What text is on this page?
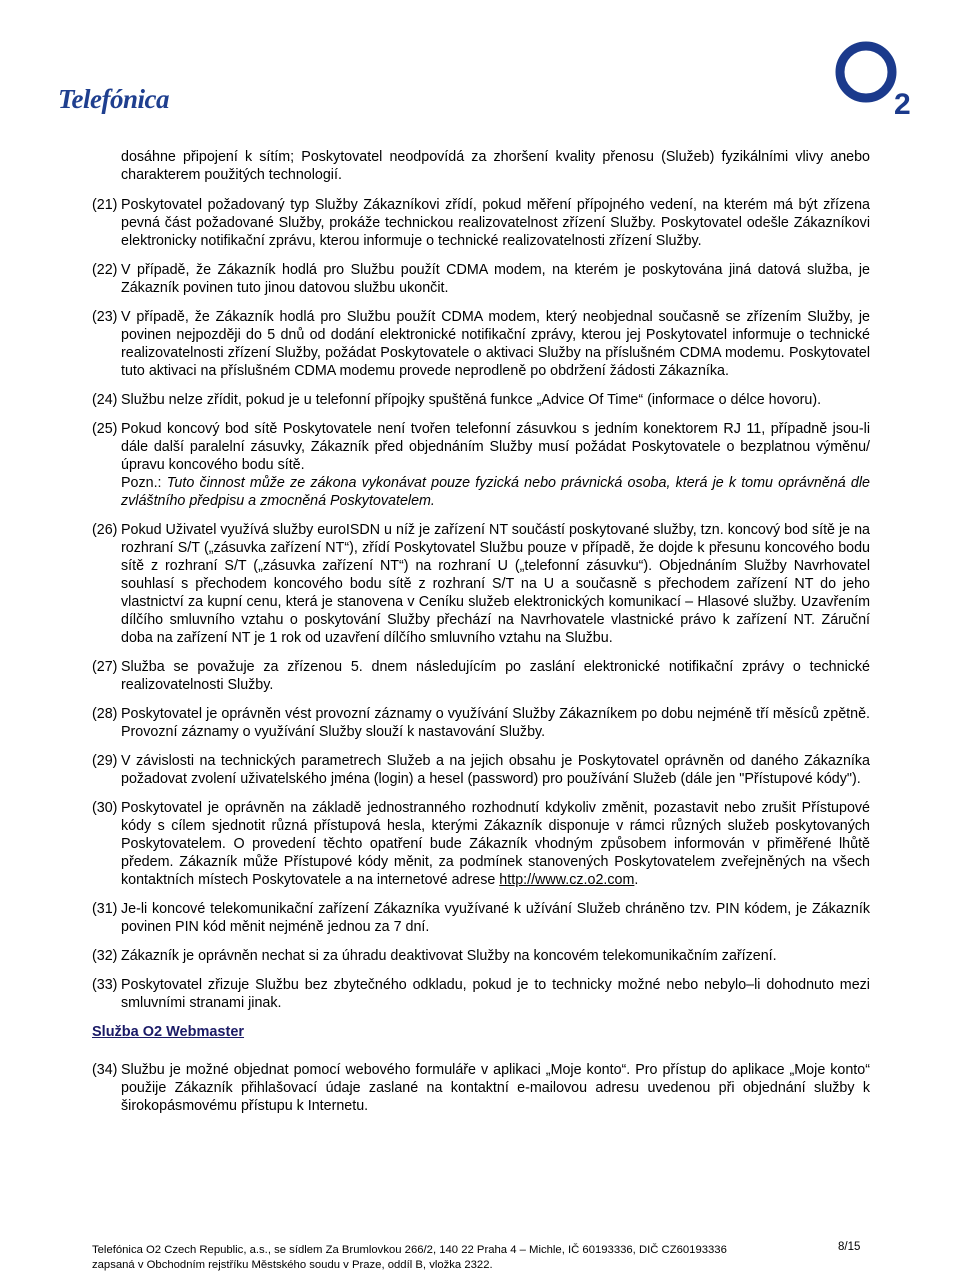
Telefónica	2
dosáhne připojení k sítím; Poskytovatel neodpovídá za zhoršení kvality přenosu (Služeb) fyzikálními vlivy anebo charakterem použitých technologií.
(21) Poskytovatel požadovaný typ Služby Zákazníkovi zřídí, pokud měření přípojného vedení, na kterém má být zřízena pevná část požadované Služby, prokáže technickou realizovatelnost zřízení Služby. Poskytovatel odešle Zákazníkovi elektronicky notifikační zprávu, kterou informuje o technické realizovatelnosti zřízení Služby.
(22) V případě, že Zákazník hodlá pro Službu použít CDMA modem, na kterém je poskytována jiná datová služba, je Zákazník povinen tuto jinou datovou službu ukončit.
(23) V případě, že Zákazník hodlá pro Službu použít CDMA modem, který neobjednal současně se zřízením Služby, je povinen nejpozději do 5 dnů od dodání elektronické notifikační zprávy, kterou jej Poskytovatel informuje o technické realizovatelnosti zřízení Služby, požádat Poskytovatele o aktivaci Služby na příslušném CDMA modemu. Poskytovatel tuto aktivaci na příslušném CDMA modemu provede neprodleně po obdržení žádosti Zákazníka.
(24) Službu nelze zřídit, pokud je u telefonní přípojky spuštěná funkce „Advice Of Time“ (informace o délce hovoru).
(25) Pokud koncový bod sítě Poskytovatele není tvořen telefonní zásuvkou s jedním konektorem RJ 11, případně jsou-li dále další paralelní zásuvky, Zákazník před objednáním Služby musí požádat Poskytovatele o bezplatnou výměnu/úpravu koncového bodu sítě.
Pozn.: Tuto činnost může ze zákona vykonávat pouze fyzická nebo právnická osoba, která je k tomu oprávněná dle zvláštního předpisu a zmocněná Poskytovatelem.
(26) Pokud Uživatel využívá služby euroISDN u níž je zařízení NT součástí poskytované služby, tzn. koncový bod sítě je na rozhraní S/T („zásuvka zařízení NT“), zřídí Poskytovatel Službu pouze v případě, že dojde k přesunu koncového bodu sítě z rozhraní S/T („zásuvka zařízení NT“) na rozhraní U („telefonní zásuvku“). Objednáním Služby Navrhovatel souhlasí s přechodem koncového bodu sítě z rozhraní S/T na U a současně s přechodem zařízení NT do jeho vlastnictví za kupní cenu, která je stanovena v Ceníku služeb elektronických komunikací – Hlasové služby. Uzavřením dílčího smluvního vztahu o poskytování Služby přechází na Navrhovatele vlastnické právo k zařízení NT. Záruční doba na zařízení NT je 1 rok od uzavření dílčího smluvního vztahu na Službu.
(27) Služba se považuje za zřízenou 5. dnem následujícím po zaslání elektronické notifikační zprávy o technické realizovatelnosti Služby.
(28) Poskytovatel je oprávněn vést provozní záznamy o využívání Služby Zákazníkem po dobu nejméně tří měsíců zpětně. Provozní záznamy o využívání Služby slouží k nastavování Služby.
(29) V závislosti na technických parametrech Služeb a na jejich obsahu je Poskytovatel oprávněn od daného Zákazníka požadovat zvolení uživatelského jména (login) a hesel (password) pro používání Služeb (dále jen "Přístupové kódy").
(30) Poskytovatel je oprávněn na základě jednostranného rozhodnutí kdykoliv změnit, pozastavit nebo zrušit Přístupové kódy s cílem sjednotit různá přístupová hesla, kterými Zákazník disponuje v rámci různých služeb poskytovaných Poskytovatelem. O provedení těchto opatření bude Zákazník vhodným způsobem informován v přiměřené lhůtě předem. Zákazník může Přístupové kódy měnit, za podmínek stanovených Poskytovatelem zveřejněných na všech kontaktních místech Poskytovatele a na internetové adrese http://www.cz.o2.com.
(31) Je-li koncové telekomunikační zařízení Zákazníka využívané k užívání Služeb chráněno tzv. PIN kódem, je Zákazník povinen PIN kód měnit nejméně jednou za 7 dní.
(32) Zákazník je oprávněn nechat si za úhradu deaktivovat Služby na koncovém telekomunikačním zařízení.
(33) Poskytovatel zřizuje Službu bez zbytečného odkladu, pokud je to technicky možné nebo nebylo–li dohodnuto mezi smluvními stranami jinak.
Služba O2 Webmaster
(34) Službu je možné objednat pomocí webového formuláře v aplikaci „Moje konto“. Pro přístup do aplikace „Moje konto“ použije Zákazník přihlašovací údaje zaslané na kontaktní e-mailovou adresu uvedenou při objednání služby k širokopásmovému přístupu k Internetu.
Telefónica O2 Czech Republic, a.s., se sídlem Za Brumlovkou 266/2, 140 22 Praha 4 – Michle, IČ 60193336, DIČ CZ60193336
zapsaná v Obchodním rejstříku Městského soudu v Praze, oddíl B, vložka 2322.
8/15
